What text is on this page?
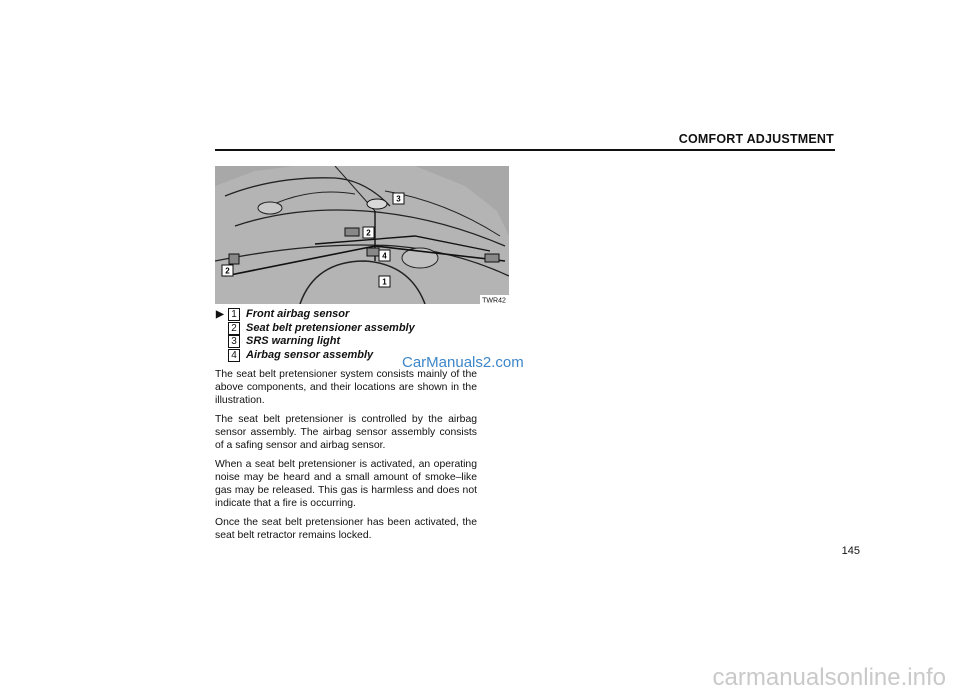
COMFORT ADJUSTMENT
3
2
4
2
1
TWR42
▶ 1 Front airbag sensor
2 Seat belt pretensioner assembly
3 SRS warning light
4 Airbag sensor assembly CarManuals2.com

The seat belt pretensioner system consists mainly of the above components, and their locations are shown in the illustration.

The seat belt pretensioner is controlled by the airbag sensor assembly. The airbag sensor assembly consists of a safing sensor and airbag sensor.

When a seat belt pretensioner is activated, an operating noise may be heard and a small amount of smoke–like gas may be released. This gas is harmless and does not indicate that a fire is occurring.

Once the seat belt pretensioner has been activated, the seat belt retractor remains locked.

145
carmanualsonline.info
